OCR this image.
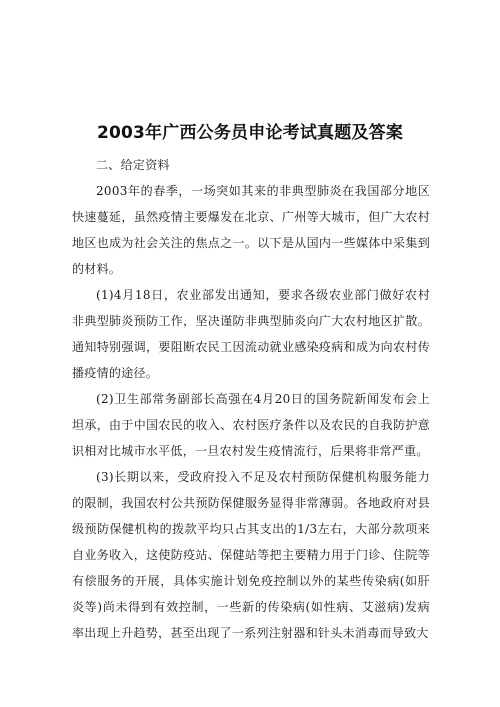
2003年广西公务员申论考试真题及答案

二、给定资料

2003年的春季，一场突如其来的非典型肺炎在我国部分地区快速蔓延，虽然疫情主要爆发在北京、广州等大城市，但广大农村地区也成为社会关注的焦点之一。以下是从国内一些媒体中采集到的材料。

(1)4月18日，农业部发出通知，要求各级农业部门做好农村非典型肺炎预防工作，坚决谨防非典型肺炎向广大农村地区扩散。通知特别强调，要阻断农民工因流动就业感染疫病和成为向农村传播疫情的途径。

(2)卫生部常务副部长高强在4月20日的国务院新闻发布会上坦承，由于中国农民的收入、农村医疗条件以及农民的自我防护意识相对比城市水平低，一旦农村发生疫情流行，后果将非常严重。

(3)长期以来，受政府投入不足及农村预防保健机构服务能力的限制，我国农村公共预防保健服务显得非常薄弱。各地政府对县级预防保健机构的拨款平均只占其支出的1/3左右，大部分款项来自业务收入，这使防疫站、保健站等把主要精力用于门诊、住院等有偿服务的开展，具体实施计划免疫控制以外的某些传染病(如肝炎等)尚未得到有效控制，一些新的传染病(如性病、艾滋病)发病率出现上升趋势，甚至出现了一系列注射器和针头未消毒而导致大
